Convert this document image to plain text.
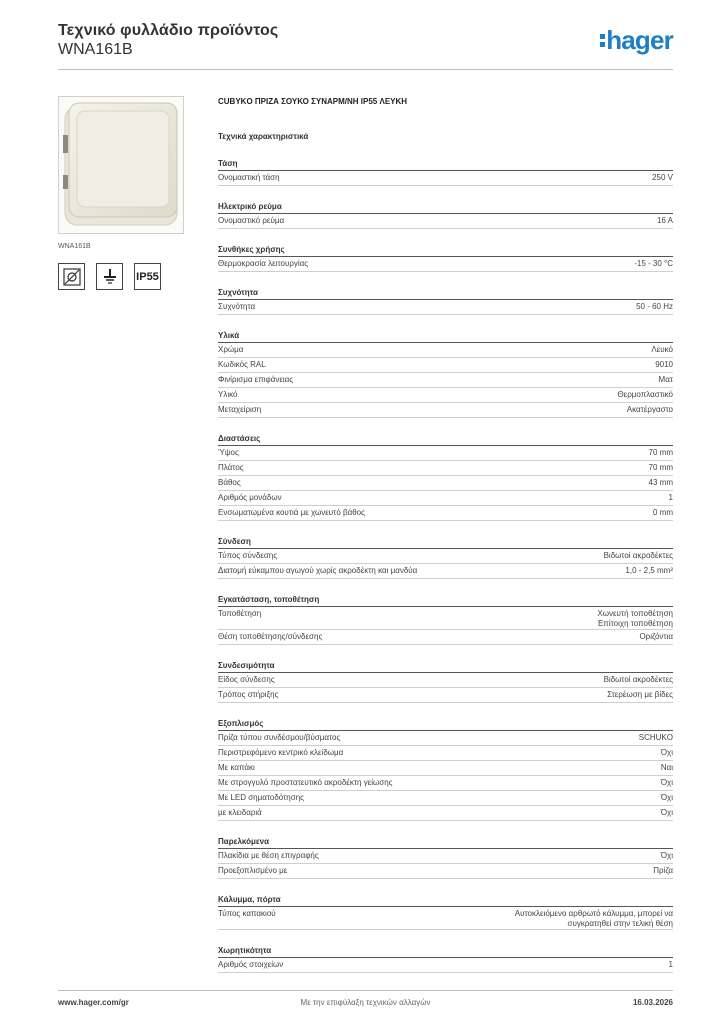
Τεχνικό φυλλάδιο προϊόντος
WNA161B	hager
WNA161B
IP55
CUBYKO ΠΡΙΖΑ ΣΟΥΚΟ ΣΥΝΑΡΜ/ΝΗ IP55 ΛΕΥΚΗ
Τεχνικά χαρακτηριστικά
Τάση
Ονομαστική τάση	250 V
Ηλεκτρικό ρεύμα
Ονομαστικό ρεύμα	16 A
Συνθήκες χρήσης
Θερμοκρασία λειτουργίας	-15 - 30 °C
Συχνότητα
Συχνότητα	50 - 60 Hz
Υλικά
Χρώμα	Λευκό
Κωδικός RAL	9010
Φινίρισμα επιφάνειας	Ματ
Υλικό	Θερμοπλαστικό
Μεταχείριση	Ακατέργαστο
Διαστάσεις
Ύψος	70 mm
Πλάτος	70 mm
Βάθος	43 mm
Αριθμός μονάδων	1
Ενσωματωμένα κουτιά με χωνευτό βάθος	0 mm
Σύνδεση
Τύπος σύνδεσης	Βιδωτοί ακροδέκτες
Διατομή εύκαμπου αγωγού χωρίς ακροδέκτη και μανδύα	1,0 - 2,5 mm²
Εγκατάσταση, τοποθέτηση
Τοποθέτηση	Χωνευτή τοποθέτηση
Επίτοιχη τοποθέτηση
Θέση τοποθέτησης/σύνδεσης	Οριζόντια
Συνδεσιμότητα
Είδος σύνδεσης	Βιδωτοί ακροδέκτες
Τρόπος στήριξης	Στερέωση με βίδες
Εξοπλισμός
Πρίζα τύπου συνδέσμου/βύσματος	SCHUKO
Περιστρεφόμενο κεντρικό κλείδωμα	Όχι
Με καπάκι	Ναι
Με στρογγυλό προστατευτικό ακροδέκτη γείωσης	Όχι
Με LED σηματοδότησης	Όχι
με κλειδαριά	Όχι
Παρελκόμενα
Πλακίδια με θέση επιγραφής	Όχι
Προεξοπλισμένο με	Πρίζα
Κάλυμμα, πόρτα
Τύπος καπακιού	Αυτοκλειόμενο αρθρωτό κάλυμμα, μπορεί να
συγκρατηθεί στην τελική θέση
Χωρητικότητα
Αριθμός στοιχείων	1
Με την επιφύλαξη τεχνικών αλλαγών
www.hager.com/gr	16.03.2026
